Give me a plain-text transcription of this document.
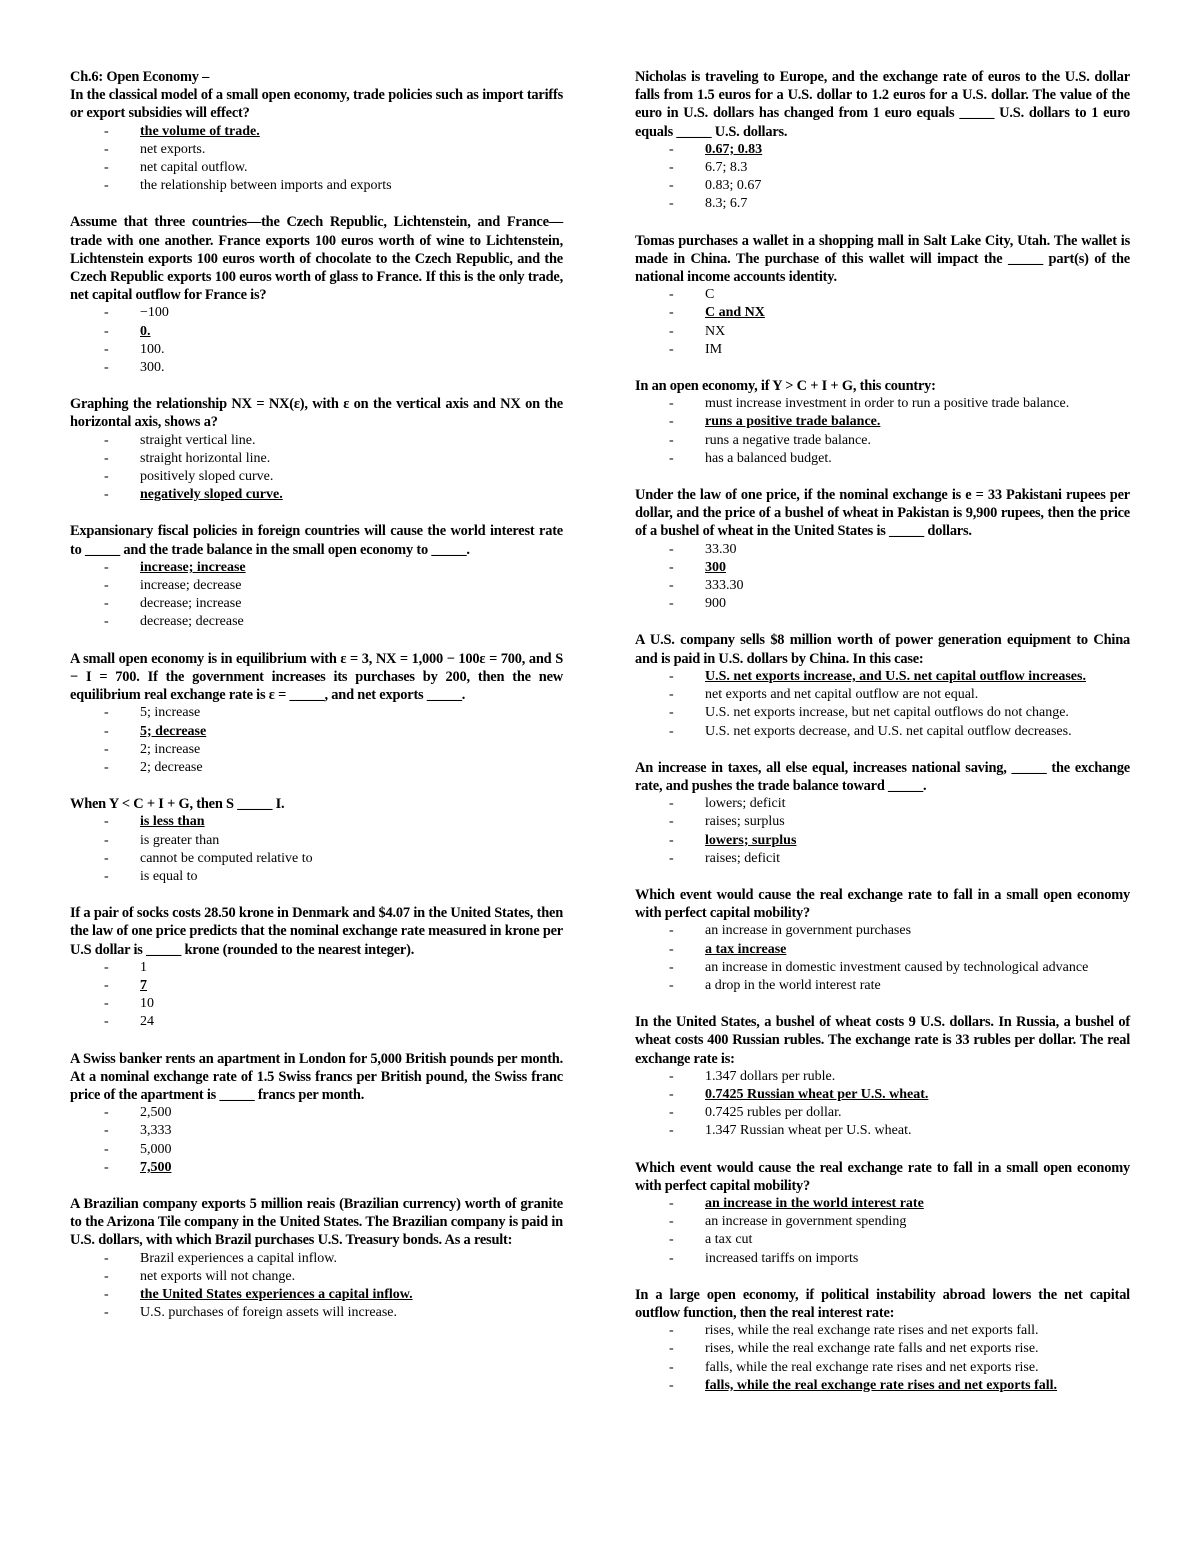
Ch.6: Open Economy –
In the classical model of a small open economy, trade policies such as import tariffs or export subsidies will effect?
- the volume of trade.
- net exports.
- net capital outflow.
- the relationship between imports and exports
Assume that three countries—the Czech Republic, Lichtenstein, and France—trade with one another. France exports 100 euros worth of wine to Lichtenstein, Lichtenstein exports 100 euros worth of chocolate to the Czech Republic, and the Czech Republic exports 100 euros worth of glass to France. If this is the only trade, net capital outflow for France is?
- −100
- 0.
- 100.
- 300.
Graphing the relationship NX = NX(ε), with ε on the vertical axis and NX on the horizontal axis, shows a?
- straight vertical line.
- straight horizontal line.
- positively sloped curve.
- negatively sloped curve.
Expansionary fiscal policies in foreign countries will cause the world interest rate to _____ and the trade balance in the small open economy to _____.
- increase; increase
- increase; decrease
- decrease; increase
- decrease; decrease
A small open economy is in equilibrium with ε = 3, NX = 1,000 − 100ε = 700, and S − I = 700. If the government increases its purchases by 200, then the new equilibrium real exchange rate is ε = _____, and net exports _____.
- 5; increase
- 5; decrease
- 2; increase
- 2; decrease
When Y < C + I + G, then S _____ I.
- is less than
- is greater than
- cannot be computed relative to
- is equal to
If a pair of socks costs 28.50 krone in Denmark and $4.07 in the United States, then the law of one price predicts that the nominal exchange rate measured in krone per U.S dollar is _____ krone (rounded to the nearest integer).
- 1
- 7
- 10
- 24
A Swiss banker rents an apartment in London for 5,000 British pounds per month. At a nominal exchange rate of 1.5 Swiss francs per British pound, the Swiss franc price of the apartment is _____ francs per month.
- 2,500
- 3,333
- 5,000
- 7,500
A Brazilian company exports 5 million reais (Brazilian currency) worth of granite to the Arizona Tile company in the United States. The Brazilian company is paid in U.S. dollars, with which Brazil purchases U.S. Treasury bonds. As a result:
- Brazil experiences a capital inflow.
- net exports will not change.
- the United States experiences a capital inflow.
- U.S. purchases of foreign assets will increase.
Nicholas is traveling to Europe, and the exchange rate of euros to the U.S. dollar falls from 1.5 euros for a U.S. dollar to 1.2 euros for a U.S. dollar. The value of the euro in U.S. dollars has changed from 1 euro equals _____ U.S. dollars to 1 euro equals _____ U.S. dollars.
- 0.67; 0.83
- 6.7; 8.3
- 0.83; 0.67
- 8.3; 6.7
Tomas purchases a wallet in a shopping mall in Salt Lake City, Utah. The wallet is made in China. The purchase of this wallet will impact the _____ part(s) of the national income accounts identity.
- C
- C and NX
- NX
- IM
In an open economy, if Y > C + I + G, this country:
- must increase investment in order to run a positive trade balance.
- runs a positive trade balance.
- runs a negative trade balance.
- has a balanced budget.
Under the law of one price, if the nominal exchange is e = 33 Pakistani rupees per dollar, and the price of a bushel of wheat in Pakistan is 9,900 rupees, then the price of a bushel of wheat in the United States is _____ dollars.
- 33.30
- 300
- 333.30
- 900
A U.S. company sells $8 million worth of power generation equipment to China and is paid in U.S. dollars by China. In this case:
- U.S. net exports increase, and U.S. net capital outflow increases.
- net exports and net capital outflow are not equal.
- U.S. net exports increase, but net capital outflows do not change.
- U.S. net exports decrease, and U.S. net capital outflow decreases.
An increase in taxes, all else equal, increases national saving, _____ the exchange rate, and pushes the trade balance toward _____.
- lowers; deficit
- raises; surplus
- lowers; surplus
- raises; deficit
Which event would cause the real exchange rate to fall in a small open economy with perfect capital mobility?
- an increase in government purchases
- a tax increase
- an increase in domestic investment caused by technological advance
- a drop in the world interest rate
In the United States, a bushel of wheat costs 9 U.S. dollars. In Russia, a bushel of wheat costs 400 Russian rubles. The exchange rate is 33 rubles per dollar. The real exchange rate is:
- 1.347 dollars per ruble.
- 0.7425 Russian wheat per U.S. wheat.
- 0.7425 rubles per dollar.
- 1.347 Russian wheat per U.S. wheat.
Which event would cause the real exchange rate to fall in a small open economy with perfect capital mobility?
- an increase in the world interest rate
- an increase in government spending
- a tax cut
- increased tariffs on imports
In a large open economy, if political instability abroad lowers the net capital outflow function, then the real interest rate:
- rises, while the real exchange rate rises and net exports fall.
- rises, while the real exchange rate falls and net exports rise.
- falls, while the real exchange rate rises and net exports rise.
- falls, while the real exchange rate rises and net exports fall.
